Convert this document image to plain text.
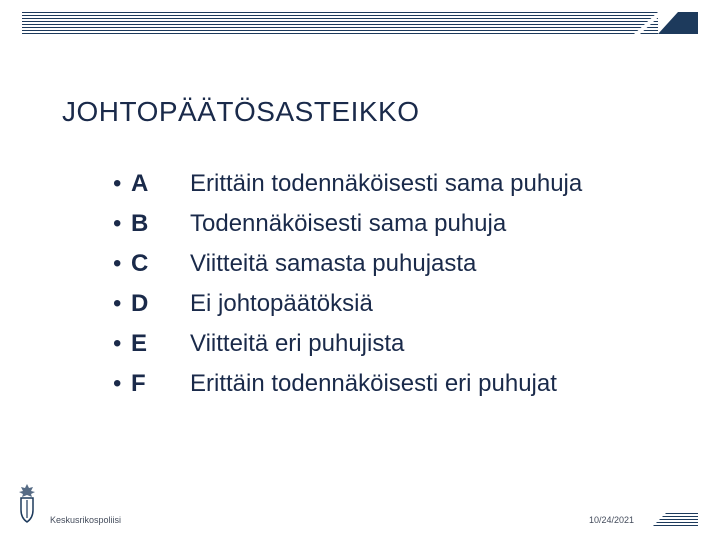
JOHTOPÄÄTÖSASTEIKKO
• A
• B
• C
• D
• E
• F
Erittäin todennäköisesti sama puhuja
Todennäköisesti sama puhuja
Viitteitä samasta puhujasta
Ei johtopäätöksiä
Viitteitä eri puhujista
Erittäin todennäköisesti eri puhujat
Keskusrikospoliisi	10/24/2021
